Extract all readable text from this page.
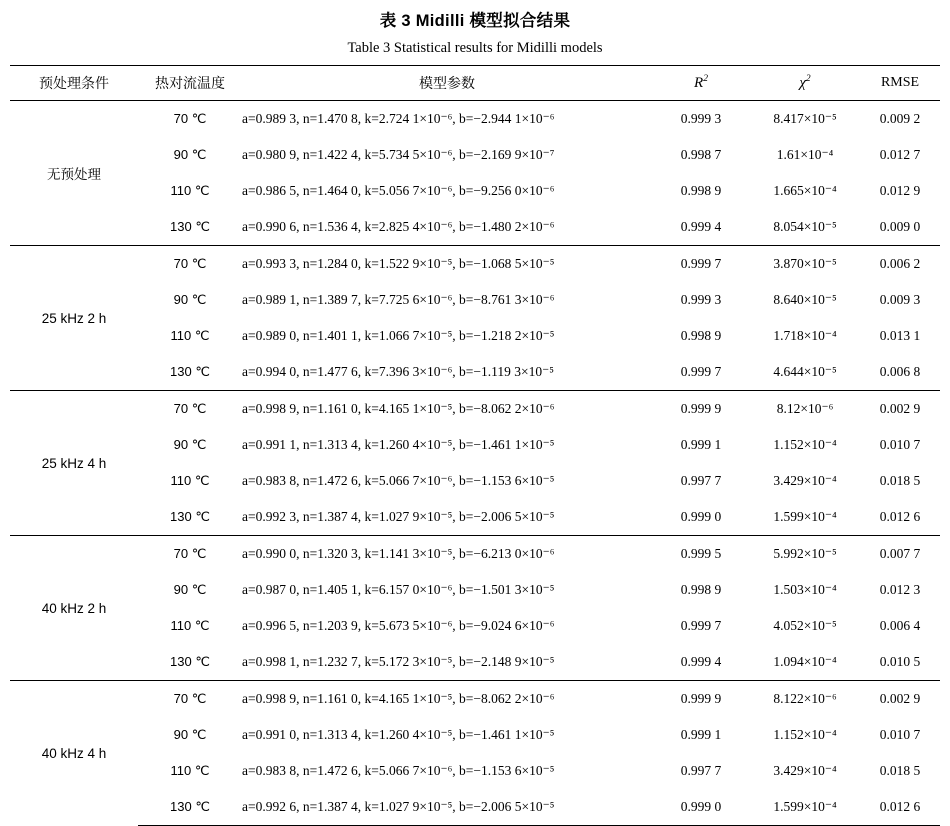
表 3 Midilli 模型拟合结果
Table 3 Statistical results for Midilli models
预处理条件	热对流温度	模型参数	$R^2$	$\chi^2$	RMSE
无预处理	70 ℃	a=0.989 3, n=1.470 8, k=2.724 1×10⁻⁶, b=−2.944 1×10⁻⁶	0.999 3	8.417×10⁻⁵	0.009 2
	90 ℃	a=0.980 9, n=1.422 4, k=5.734 5×10⁻⁶, b=−2.169 9×10⁻⁷	0.998 7	1.61×10⁻⁴	0.012 7
	110 ℃	a=0.986 5, n=1.464 0, k=5.056 7×10⁻⁶, b=−9.256 0×10⁻⁶	0.998 9	1.665×10⁻⁴	0.012 9
	130 ℃	a=0.990 6, n=1.536 4, k=2.825 4×10⁻⁶, b=−1.480 2×10⁻⁶	0.999 4	8.054×10⁻⁵	0.009 0
25 kHz 2 h	70 ℃	a=0.993 3, n=1.284 0, k=1.522 9×10⁻⁵, b=−1.068 5×10⁻⁵	0.999 7	3.870×10⁻⁵	0.006 2
	90 ℃	a=0.989 1, n=1.389 7, k=7.725 6×10⁻⁶, b=−8.761 3×10⁻⁶	0.999 3	8.640×10⁻⁵	0.009 3
	110 ℃	a=0.989 0, n=1.401 1, k=1.066 7×10⁻⁵, b=−1.218 2×10⁻⁵	0.998 9	1.718×10⁻⁴	0.013 1
	130 ℃	a=0.994 0, n=1.477 6, k=7.396 3×10⁻⁶, b=−1.119 3×10⁻⁵	0.999 7	4.644×10⁻⁵	0.006 8
25 kHz 4 h	70 ℃	a=0.998 9, n=1.161 0, k=4.165 1×10⁻⁵, b=−8.062 2×10⁻⁶	0.999 9	8.12×10⁻⁶	0.002 9
	90 ℃	a=0.991 1, n=1.313 4, k=1.260 4×10⁻⁵, b=−1.461 1×10⁻⁵	0.999 1	1.152×10⁻⁴	0.010 7
	110 ℃	a=0.983 8, n=1.472 6, k=5.066 7×10⁻⁶, b=−1.153 6×10⁻⁵	0.997 7	3.429×10⁻⁴	0.018 5
	130 ℃	a=0.992 3, n=1.387 4, k=1.027 9×10⁻⁵, b=−2.006 5×10⁻⁵	0.999 0	1.599×10⁻⁴	0.012 6
40 kHz 2 h	70 ℃	a=0.990 0, n=1.320 3, k=1.141 3×10⁻⁵, b=−6.213 0×10⁻⁶	0.999 5	5.992×10⁻⁵	0.007 7
	90 ℃	a=0.987 0, n=1.405 1, k=6.157 0×10⁻⁶, b=−1.501 3×10⁻⁵	0.998 9	1.503×10⁻⁴	0.012 3
	110 ℃	a=0.996 5, n=1.203 9, k=5.673 5×10⁻⁶, b=−9.024 6×10⁻⁶	0.999 7	4.052×10⁻⁵	0.006 4
	130 ℃	a=0.998 1, n=1.232 7, k=5.172 3×10⁻⁵, b=−2.148 9×10⁻⁵	0.999 4	1.094×10⁻⁴	0.010 5
40 kHz 4 h	70 ℃	a=0.998 9, n=1.161 0, k=4.165 1×10⁻⁵, b=−8.062 2×10⁻⁶	0.999 9	8.122×10⁻⁶	0.002 9
	90 ℃	a=0.991 0, n=1.313 4, k=1.260 4×10⁻⁵, b=−1.461 1×10⁻⁵	0.999 1	1.152×10⁻⁴	0.010 7
	110 ℃	a=0.983 8, n=1.472 6, k=5.066 7×10⁻⁶, b=−1.153 6×10⁻⁵	0.997 7	3.429×10⁻⁴	0.018 5
	130 ℃	a=0.992 6, n=1.387 4, k=1.027 9×10⁻⁵, b=−2.006 5×10⁻⁵	0.999 0	1.599×10⁻⁴	0.012 6
